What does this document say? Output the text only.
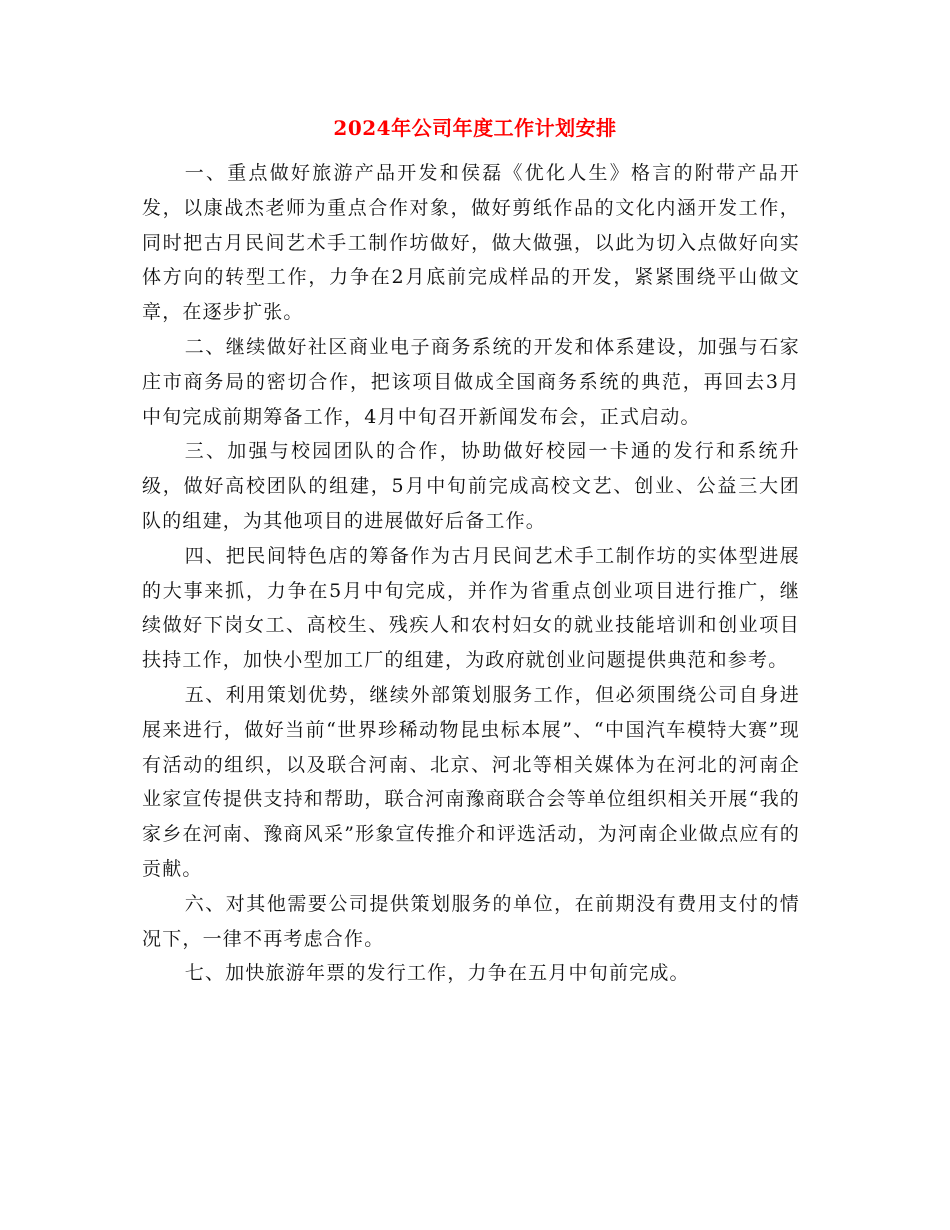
2024年公司年度工作计划安排

一、重点做好旅游产品开发和侯磊《优化人生》格言的附带产品开发，以康战杰老师为重点合作对象，做好剪纸作品的文化内涵开发工作，同时把古月民间艺术手工制作坊做好，做大做强，以此为切入点做好向实体方向的转型工作，力争在2月底前完成样品的开发，紧紧围绕平山做文章，在逐步扩张。

二、继续做好社区商业电子商务系统的开发和体系建设，加强与石家庄市商务局的密切合作，把该项目做成全国商务系统的典范，再回去3月中旬完成前期筹备工作，4月中旬召开新闻发布会，正式启动。

三、加强与校园团队的合作，协助做好校园一卡通的发行和系统升级，做好高校团队的组建，5月中旬前完成高校文艺、创业、公益三大团队的组建，为其他项目的进展做好后备工作。

四、把民间特色店的筹备作为古月民间艺术手工制作坊的实体型进展的大事来抓，力争在5月中旬完成，并作为省重点创业项目进行推广，继续做好下岗女工、高校生、残疾人和农村妇女的就业技能培训和创业项目扶持工作，加快小型加工厂的组建，为政府就创业问题提供典范和参考。

五、利用策划优势，继续外部策划服务工作，但必须围绕公司自身进展来进行，做好当前“世界珍稀动物昆虫标本展”、“中国汽车模特大赛”现有活动的组织，以及联合河南、北京、河北等相关媒体为在河北的河南企业家宣传提供支持和帮助，联合河南豫商联合会等单位组织相关开展“我的家乡在河南、豫商风采”形象宣传推介和评选活动，为河南企业做点应有的贡献。

六、对其他需要公司提供策划服务的单位，在前期没有费用支付的情况下，一律不再考虑合作。

七、加快旅游年票的发行工作，力争在五月中旬前完成。
